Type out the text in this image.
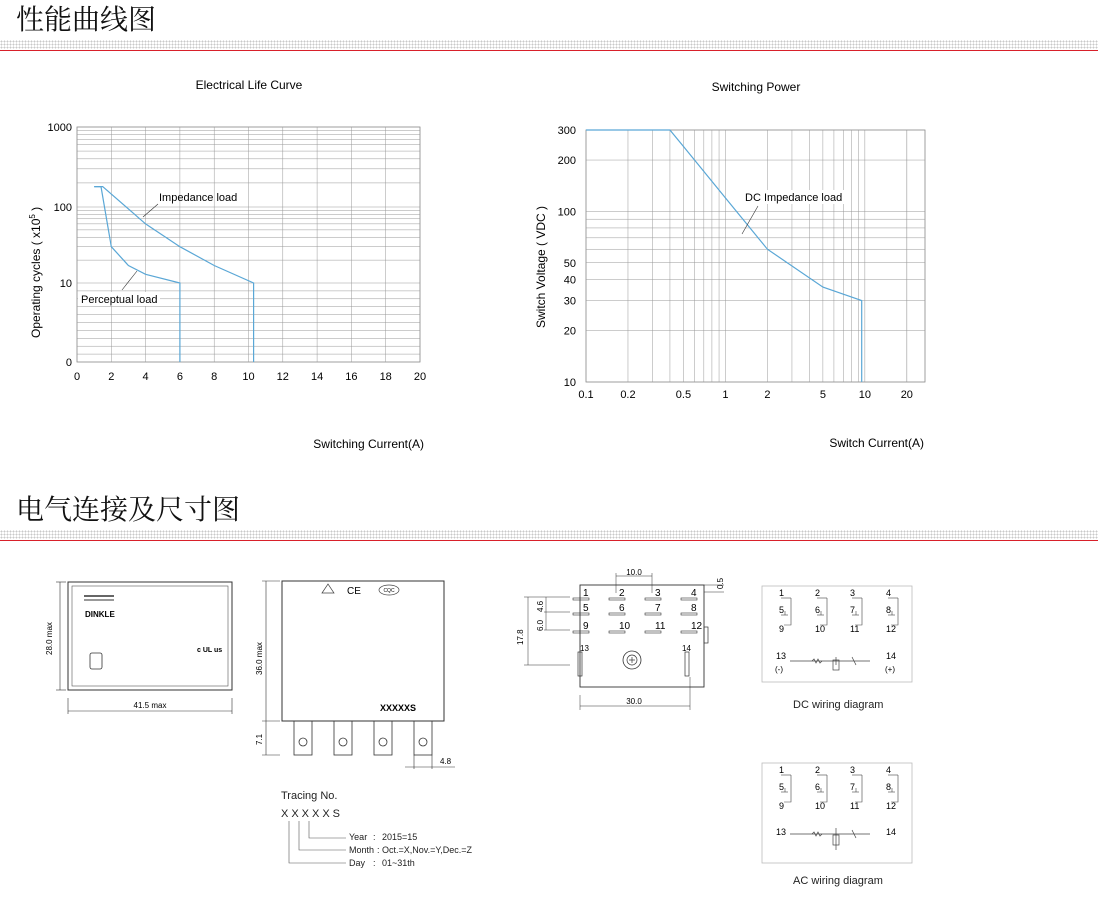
性能曲线图
Electrical Life Curve
0	2	4	6	8 10 12 14 16 18 20
1000
100
10
0
Impedance load
Perceptual load
Operating cycles ( $x10^5$ )
Switching Current(A)
Switching Power
0.1 0.2	0.5	1	2	5	10	20
300
200
100
50
40
30
20
10
DC Impedance load
Switch Voltage ( VDC )
Switch Current(A)
电气连接及尺寸图
DINKLE
c UL us
28.0 max
41.5 max
CE	CQC
XXXXXS
36.0 max
7.1
4.8
Tracing No.
XXXXXS
Year : 2015=15
Month : Oct.=X,Nov.=Y,Dec.=Z
Day : 01~31th
1	2	3	4
5	6	7	8
9	10 11	12
13	14
10.0
0.5
4.6
6.0
17.8
30.0
1	2	3	4
5	6	7	8
9	10	11	12
13	14
(-)	(+)
DC wiring diagram
1	2	3	4
5	6	7	8
9	10	11	12
13	14
AC wiring diagram
